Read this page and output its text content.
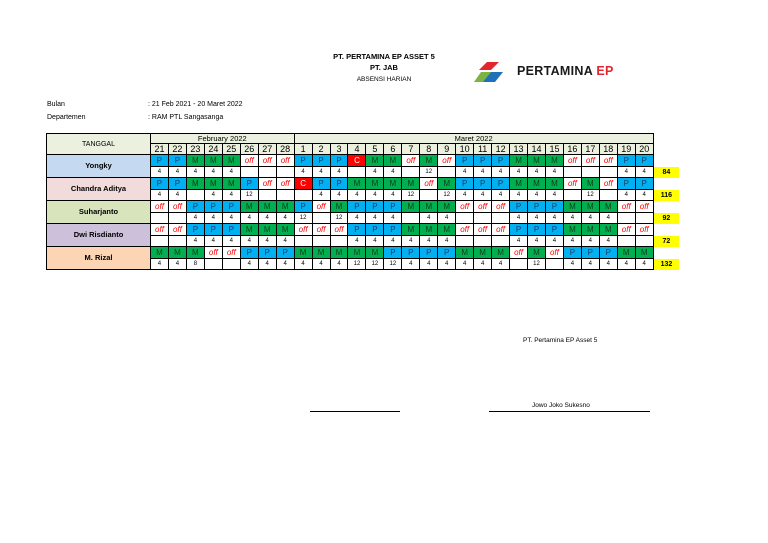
PT. PERTAMINA EP ASSET 5
PT. JAB
ABSENSI HARIAN
PERTAMINA EP
Bulan	: 21 Feb 2021 - 20 Maret 2022
Departemen	: RAM PTL Sangasanga
TANGGAL	February 2022								Maret 2022																				
	21	22	23	24	25	26	27	28	1	2	3	4	5	6	7	8	9	10	11	12	13	14	15	16	17	18	19	20	
Yongky	P	P	M	M	M	off	off	off	P	P	P	C	M	M	off	M	off	P	P	P	M	M	M	off	off	off	P	P	
	4	4	4	4	4				4	4	4		4	4		12		4	4	4	4	4	4				4	4	84
Chandra Aditya	P	P	M	M	M	P	off	off	C	P	P	M	M	M	M	off	M	P	P	P	M	M	M	off	M	off	P	P	
	4	4		4	4	12				4	4	4	4	4	12		12	4	4	4	4	4	4		12		4	4	116
Suharjanto	off	off	P	P	P	M	M	M	P	off	M	P	P	P	M	M	M	off	off	off	P	P	P	M	M	M	off	off	
			4	4	4	4	4	4	12		12	4	4	4		4	4				4	4	4	4	4	4			92
Dwi Risdianto	off	off	P	P	P	M	M	M	off	off	off	P	P	P	M	M	M	off	off	off	P	P	P	M	M	M	off	off	
			4	4	4	4	4	4				4	4	4	4	4	4				4	4	4	4	4	4			72
M. Rizal	M	M	M	off	off	P	P	P	M	M	M	M	M	P	P	P	P	M	M	M	off	M	off	P	P	P	M	M	
	4	4	8			4	4	4	4	4	4	12	12	12	4	4	4	4	4	4		12		4	4	4	4	4	132
PT. Pertamina EP Asset 5
Jowo Joko Sukesno
